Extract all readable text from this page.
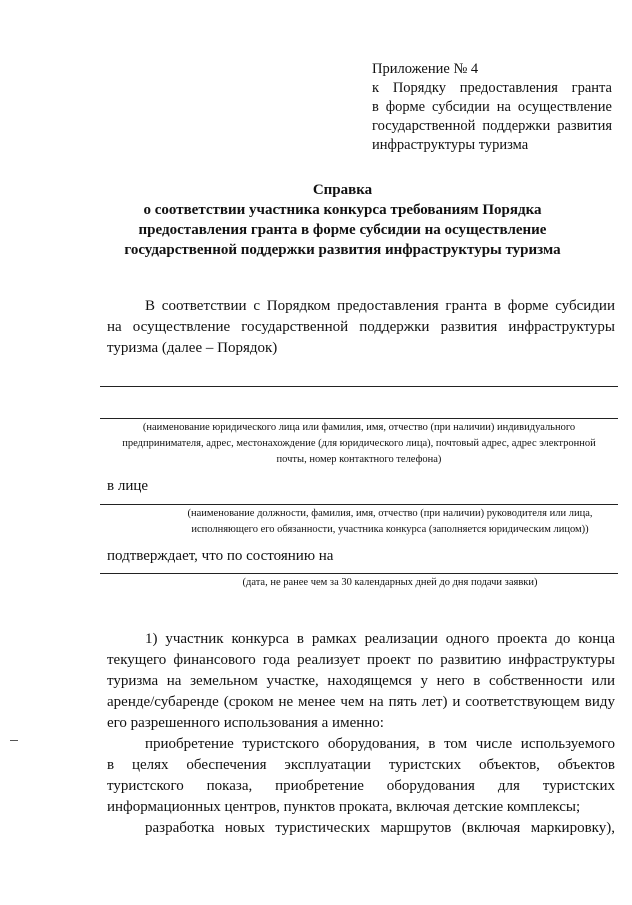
Приложение № 4
к Порядку предоставления гранта
в форме субсидии на осуществление
государственной поддержки развития
инфраструктуры туризма
Справка
о соответствии участника конкурса требованиям Порядка
предоставления гранта в форме субсидии на осуществление
государственной поддержки развития инфраструктуры туризма
В соответствии с Порядком предоставления гранта в форме субсидии
на осуществление государственной поддержки развития инфраструктуры
туризма (далее – Порядок)
(наименование юридического лица или фамилия, имя, отчество (при наличии) индивидуального
предпринимателя, адрес, местонахождение (для юридического лица), почтовый адрес, адрес электронной
почты, номер контактного телефона)
в лице
(наименование должности, фамилия, имя, отчество (при наличии) руководителя или лица,
исполняющего его обязанности, участника конкурса (заполняется юридическим лицом))
подтверждает, что по состоянию на
(дата, не ранее чем за 30 календарных дней до дня подачи заявки)
1) участник конкурса в рамках реализации одного проекта до конца
текущего финансового года реализует проект по развитию инфраструктуры
туризма на земельном участке, находящемся у него в собственности или
аренде/субаренде (сроком не менее чем на пять лет) и соответствующем виду
его разрешенного использования а именно:
приобретение туристского оборудования, в том числе используемого
в целях обеспечения эксплуатации туристских объектов, объектов
туристского показа, приобретение оборудования для туристских
информационных центров, пунктов проката, включая детские комплексы;
разработка новых туристических маршрутов (включая маркировку),
